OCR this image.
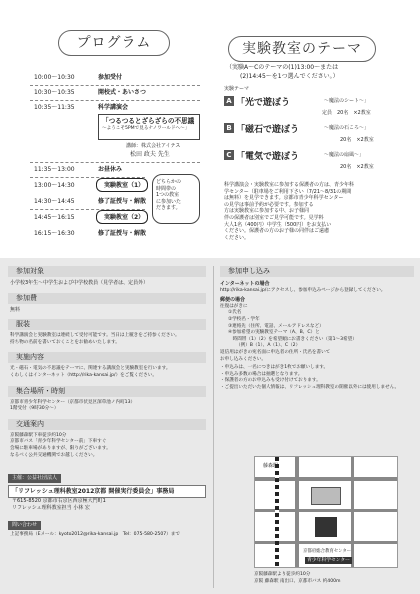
プログラム
10:00〜10:30	参加受付
10:30〜10:35	開校式・あいさつ
10:35〜11:35	科学講演会
「つるつるとざらざらの不思議
〜ようこそ5PMで見るナノワールドへ〜」
講師：株式会社アイテス
松田 政夫 先生
11:35〜13:00	お昼休み
13:00〜14:30	実験教室（1）
14:30〜14:45	修了証授与・解散
14:45〜16:15	実験教室（2）
16:15〜16:30	修了証授与・解散
どちらかの
時間帯の
1つの教室
に参加いた
だきます。
実験教室のテーマ
（実験A〜Cのテーマの(1)13:00〜または
(2)14:45〜を1つ選んでください。）
実験テーマ
A 「光で遊ぼう	〜魔法のシート〜」
定員　20名　×2教室
B 「磁石で遊ぼう	〜魔法の石ころ〜」
20名　×2教室
C 「電気で遊ぼう	〜魔法の扇風〜」
20名　×2教室
科学講演会・実験教室に参加する保護者の方は、青少年科
学センター（駐車場をご利用下さい（7/21〜8/31の期間
は無料）を見学できます。京都市青少年科学センター
の見学は事前予約が必要です。参加する
方は実験教室に参加する中、お子様同
伴の保護者は別室でご見学可能です。見学料
大人1名（400円）中学生（500円）をお支払い
ください。保護者の方のお子様の同伴はご遠慮
ください。
参加対象
小学校3年生〜中学生および中学校教員（見学者は、定員外）
参加費
無料
服装
科学講演会と実験教室は連続して受付可能です。当日は上履きをご持参ください。
持ち物の名前を書いておくことをお勧めいたします。
実施内容
光・磁石・電気の不思議をテーマに、関連する講演会と実験教室を行います。
くわしくはインターネット（http://rika-kansai.jp/）をご覧ください。
集合場所・時刻
京都市青少年科学センター（京都市伏見区深草池ノ内町13）
1階受付（9時30分〜）
交通案内
京阪藤森駅下車徒歩約10分
京都市バス「青少年科学センター前」下車すぐ
会場に駐車場がありますが、限りがございます。
なるべく公共交通機関でお越しください。
主催：公益社団法人
「リフレッシュ理科教室2012京都 開催実行委員会」事務局
〒615-8520 京都市右京区西京極大門町1
リフレッシュ理科教室担当 小林 宏
問い合わせ
上記事務局（Eメール：kyoto2012@rika-kansai.jp　Tel：075-580-2507）まで
参加申し込み
インターネットの場合
http://rika-kansai.jp/にアクセスし、参加申込みページから登録してください。
郵便の場合
往復はがきに
①氏名
②学校名・学年
③連絡先（住所、電話、メールアドレスなど）
④参加希望の実験教室テーマ（A、B、C）と
　時間帯（1）（2）を希望順にお書きください（第1〜3希望）
（例）B（1）、A（1）、C（2）
返信用はがきの宛名面に申込者の住所・氏名を書いて
お申し込みください。
・申込みは、一名につきはがき1枚でお願いします。
・申込み多数の場合は抽選となります。
・保護者の方のお申込みも受け付けております。
・ご提出いただいた個人情報は、リフレッシュ理科教室の開催以外には使用しません。
藤森駅
京都府総合教育センター
青少年科学センター
京阪藤森駅より徒歩約10分
京阪 藤森駅 南出口、京都市バス 約400m
